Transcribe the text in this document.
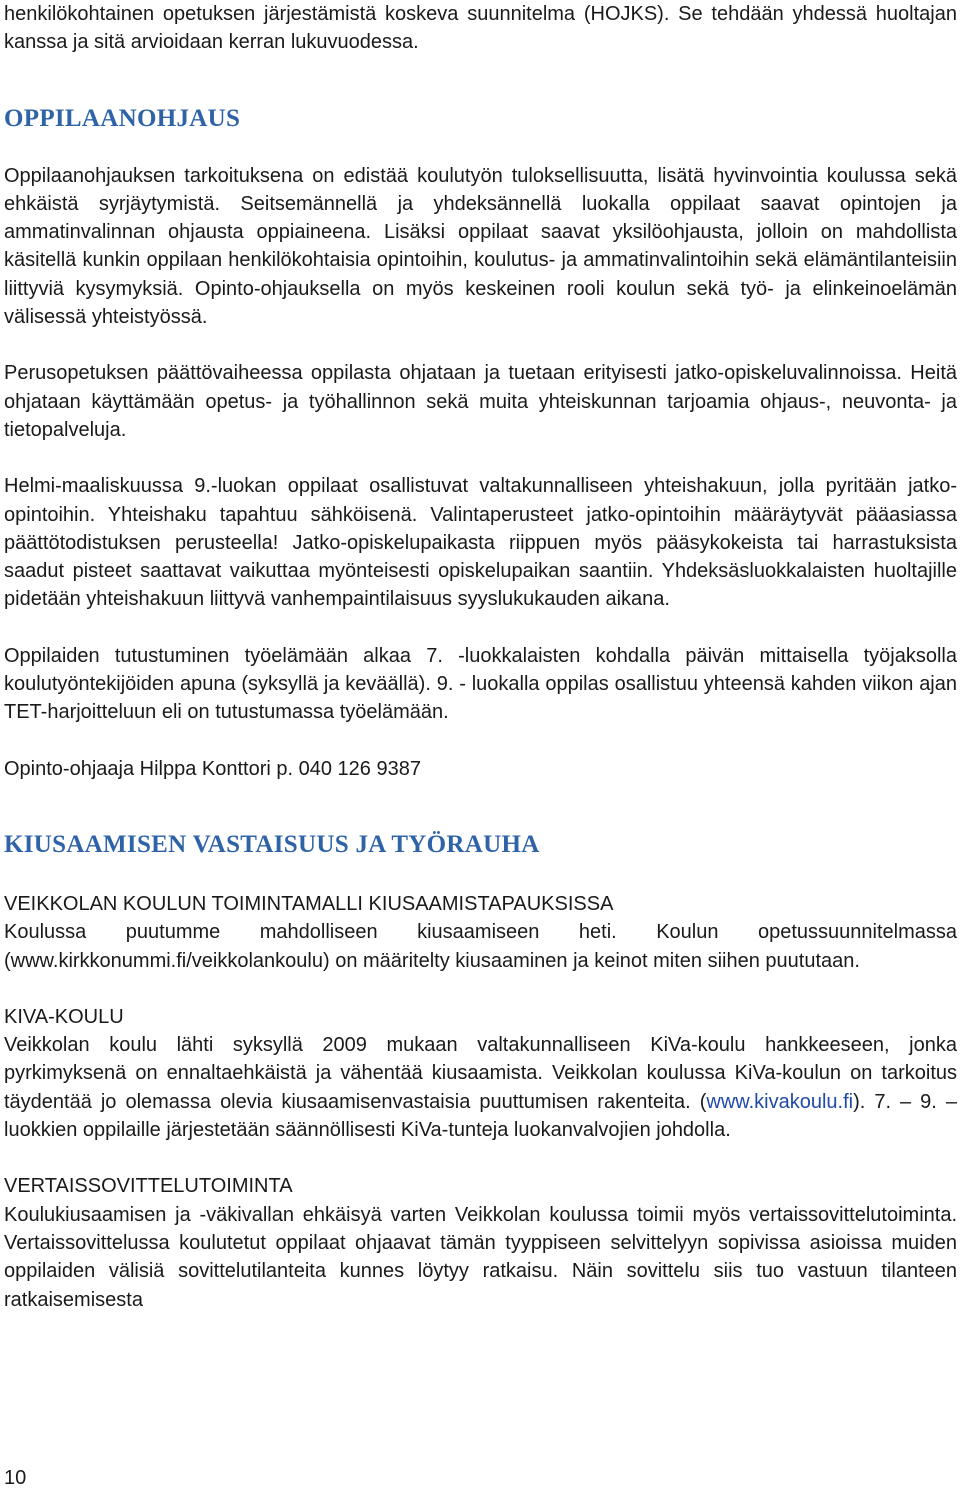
henkilökohtainen opetuksen järjestämistä koskeva suunnitelma (HOJKS). Se tehdään yhdessä huoltajan kanssa ja sitä arvioidaan kerran lukuvuodessa.

OPPILAANOHJAUS

Oppilaanohjauksen tarkoituksena on edistää koulutyön tuloksellisuutta, lisätä hyvinvointia koulussa sekä ehkäistä syrjäytymistä. Seitsemännellä ja yhdeksännellä luokalla oppilaat saavat opintojen ja ammatinvalinnan ohjausta oppiaineena. Lisäksi oppilaat saavat yksilöohjausta, jolloin on mahdollista käsitellä kunkin oppilaan henkilökohtaisia opintoihin, koulutus- ja ammatinvalintoihin sekä elämäntilanteisiin liittyviä kysymyksiä. Opinto-ohjauksella on myös keskeinen rooli koulun sekä työ- ja elinkeinoelämän välisessä yhteistyössä.

Perusopetuksen päättövaiheessa oppilasta ohjataan ja tuetaan erityisesti jatko-opiskeluvalinnoissa. Heitä ohjataan käyttämään opetus- ja työhallinnon sekä muita yhteiskunnan tarjoamia ohjaus-, neuvonta- ja tietopalveluja.

Helmi-maaliskuussa 9.-luokan oppilaat osallistuvat valtakunnalliseen yhteishakuun, jolla pyritään jatko-opintoihin. Yhteishaku tapahtuu sähköisenä. Valintaperusteet jatko-opintoihin määräytyvät pääasiassa päättötodistuksen perusteella! Jatko-opiskelupaikasta riippuen myös pääsykokeista tai harrastuksista saadut pisteet saattavat vaikuttaa myönteisesti opiskelupaikan saantiin. Yhdeksäsluokkalaisten huoltajille pidetään yhteishakuun liittyvä vanhempaintilaisuus syyslukukauden aikana.

Oppilaiden tutustuminen työelämään alkaa 7. -luokkalaisten kohdalla päivän mittaisella työjaksolla koulutyöntekijöiden apuna (syksyllä ja keväällä). 9. - luokalla oppilas osallistuu yhteensä kahden viikon ajan TET-harjoitteluun eli on tutustumassa työelämään.

Opinto-ohjaaja Hilppa Konttori p. 040 126 9387

KIUSAAMISEN VASTAISUUS JA TYÖRAUHA
VEIKKOLAN KOULUN TOIMINTAMALLI KIUSAAMISTAPAUKSISSA

Koulussa puutumme mahdolliseen kiusaamiseen heti. Koulun opetussuunnitelmassa (www.kirkkonummi.fi/veikkolankoulu) on määritelty kiusaaminen ja keinot miten siihen puututaan.

KIVA-KOULU

Veikkolan koulu lähti syksyllä 2009 mukaan valtakunnalliseen KiVa-koulu hankkeeseen, jonka pyrkimyksenä on ennaltaehkäistä ja vähentää kiusaamista. Veikkolan koulussa KiVa-koulun on tarkoitus täydentää jo olemassa olevia kiusaamisenvastaisia puuttumisen rakenteita. (www.kivakoulu.fi). 7. – 9. – luokkien oppilaille järjestetään säännöllisesti KiVa-tunteja luokanvalvojien johdolla.

VERTAISSOVITTELUTOIMINTA

Koulukiusaamisen ja -väkivallan ehkäisyä varten Veikkolan koulussa toimii myös vertaissovittelutoiminta. Vertaissovittelussa koulutetut oppilaat ohjaavat tämän tyyppiseen selvittelyyn sopivissa asioissa muiden oppilaiden välisiä sovittelutilanteita kunnes löytyy ratkaisu. Näin sovittelu siis tuo vastuun tilanteen ratkaisemisesta

10
